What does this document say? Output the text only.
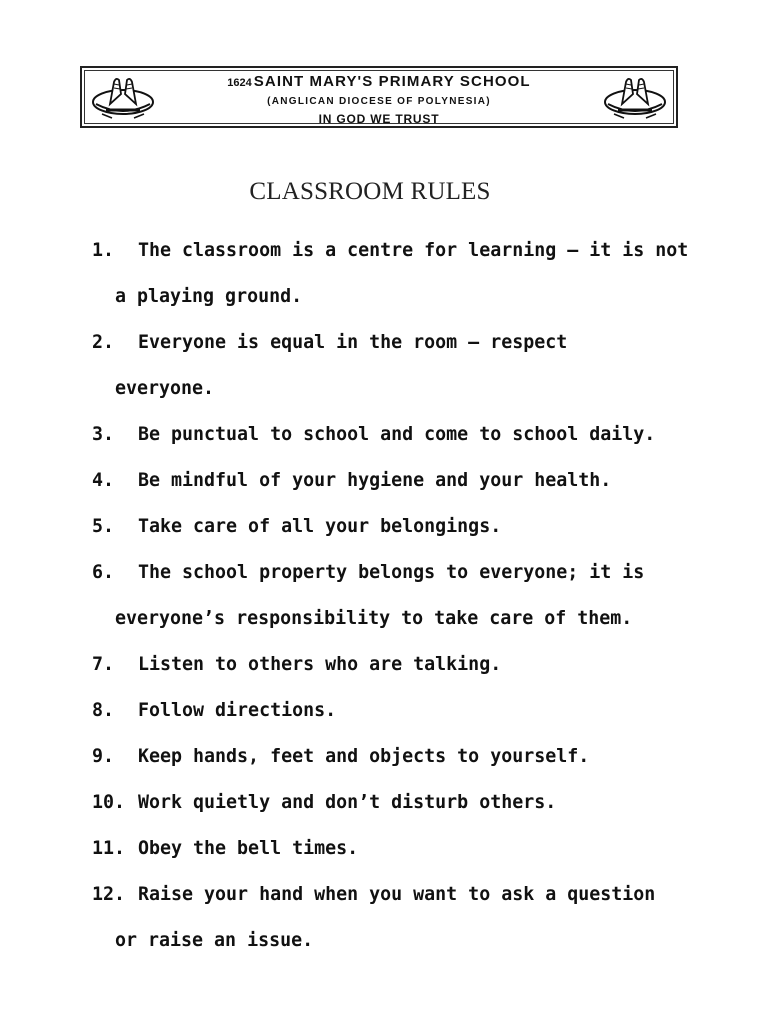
1624 SAINT MARY'S PRIMARY SCHOOL
(ANGLICAN DIOCESE OF POLYNESIA)
IN GOD WE TRUST
CLASSROOM RULES
1. The classroom is a centre for learning – it is not
a playing ground.
2. Everyone is equal in the room – respect
everyone.
3. Be punctual to school and come to school daily.
4. Be mindful of your hygiene and your health.
5. Take care of all your belongings.
6. The school property belongs to everyone; it is
everyone’s responsibility to take care of them.
7. Listen to others who are talking.
8. Follow directions.
9. Keep hands, feet and objects to yourself.
10. Work quietly and don’t disturb others.
11. Obey the bell times.
12. Raise your hand when you want to ask a question
or raise an issue.
